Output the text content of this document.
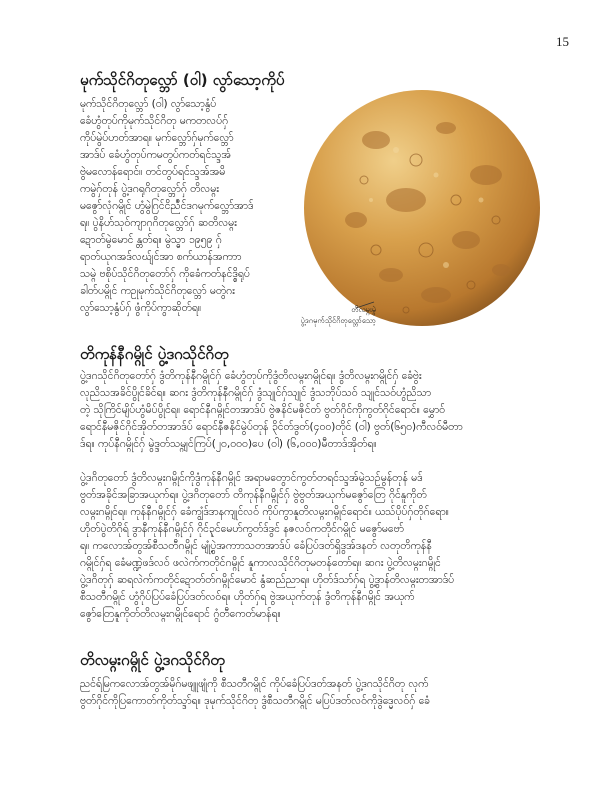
15
မုက်သိုင်ဂိတုလ္ဘော် (ဝါ) လွာ်သော့ကိုပ်
မုက်သိုင်ဂိတုလ္ဘော် (ဝါ) လွာ်သော့နွံပ်
ခေံဟွံတုပ်ကိုမုက်သိုင်ဂိတု မကတလပ်ဂှ်
ကိုပ်မွဲပ်ဟတ်အာရ။ မုက်လ္ဘော်ဂှ်မုက်လ္ဘော်
အာဒ်ပ် ခေံဟွံတုပ်ကမတွပ်ကတ်ရင်သ္ဒအ်
ဗွဲမလောန်ရောင်။ တင်တွပ်ရင်သ္ဒအ်အမိ
ကမွဲဂှ်တုန် ပွဲ့ဒဂရုဂိတုလ္ဘော်ဂှ် တိလမ္ဂး
မဇွော်လုံဂမ္ဂိုင် ဟွံမွဲဂြင်ငိညဳင်ဒဂမုက်လ္ဘော်အာဒ်
ရ။ ပွဲနိဟ်သုဝ်ကျာဂုဂိတုလ္ဘော်ဂှ် ဆတိလမ္ဂး
ဍောတ်မွဲမောင် န္တတ်ရ။ မွဲသ္ဓာ ၁၉၅၉ ဂှ်
ရာတ်ယုဂအဒ်လဃ်ျင်အာ စက်ယာန်အကာာ
သမ္ဂဲ ဗစိုပ်သိုင်ဂိတုတော်ဂှ် ကိုခေံကတ်နင်ဒ္စိရုပ်
ခါတ်ပမ္ဂိုင် ကဥုမုက်သိုင်ဂိတုလ္ဘော် မတွဲဂး
လွာ်သော့နွံပ်ဂှ် ဖွံကိုပ်ကွာဆိုတ်ရ။	တိလမ္ဂးမွဲ
ပွဲ့ဒဂမုက်သိုင်ဂိတုလ္ဘော်သော့
တိကုန်နီဂမ္ဂိုင် ပွဲ့ဒဂသိုင်ဂိတု
ပွဲ့ဒဂသိုင်ဂိတုတော်ဂှ် ဒွံတိကုန်နီဂမ္ဂိုင်ဂှ် ခေံဟွံတုပ်ကိုဒွံတိလမ္ဂးဂမ္ဂိုင်ရ။ ဒွံတိလမ္ဂးဂမ္ဂိုင်ဂှ် ခေံဗွဲး
လုညိသအခိင်ပွိုင်ခိင်ရ။ ဆဂး ဒွံတိကုန်နီဂမ္ဂိုင်ဂှ် ဒွံသျုင်ဂှ်သျုင် ဒွံသဘိုပ်သဝ် သျုင်သဝ်ဟွံညိသာ
တဲ့ သိုကြိင်မျိပ်ဟွံမိပ်ပွိုင်ရ။ ရောင်နီဂမ္ဂိုင်တအာဒ်ပ် ဗွဲဇနိင်မဇိုင်တ် ဗွတ်ဂိုင်ကိုကွတ်ဂိုင်ရောင်။ မွှောဝ်
ရောင်နီမဇိုင်ဂိုင်အိုတ်တအာဒ်ပ် ရောင်နီဇနိင်မွဲပ်တုန် ၃ိင်တ်ဒွတ်(၄၀၀)တိုင် (ဝါ) ဗွတ်(၆၅၀)ကီလဝ်မီတာ
ဒ်ရ။ ကုပ်နီဂမ္ဂိုင်ဂှ် မွဲဒ္ဒတ်သမ္ဂျင်ကြပ်(၂၀,၀၀၀)ပေ (ဝါ) (၆,၀၀၀)မီတာဒ်အိုတ်ရ။
ပွဲ့ဒဂိတုတော် ဒွံတိလမ္ဂးဂမ္ဂိုင်ကိုဒွံကုန်နီဂမ္ဂိုင် အရာမတွောင်ကွတ်တရင်သ္ဒအ်မွဲသဉ်မွန်တုန် မဒ်
ဗွတ်အခိုင်အခြာအယုက်ရ။ ပွဲ့ဒဂိတုတော် တိကုန်နီဂမ္ဂိုင်ဂှ် ဗွဲဗွတ်အယုက်မဇွော်တြေ ဂိုင်နူကိုတ်
လမ္ဂးဂမ္ဂိုင်ရ။ ကုန်နီဂမ္ဂိုင်ဂှ် ခေံကျွံဒ်ဒာနကျုင်လဝ် ကိုပ်ကွာနူတိလမ္ဂးဂမ္ဂိုင်ရောင်။ ယသ်ပိုပ်ဂှ်တိုဂ်ရော။
ဟိုတ်ပွဲတိဂိုရ် ဒွာနီကုန်နီဂမ္ဂိုင်ဂှ် ဂိုင်၃ုင်မေဟ်ကွတ်ဒ်ဒွင် နဇလဝ်ကတိုင်ဂမ္ဂိုင် မဇွော်မဗော်
ရ။ ကလောအ်တွအ်စီသတီဂမ္ဂိုင် မျုံ့ပွဲအကာာသတအာဒ်ပ် ခေံပြပ်ဒတ်ရှိဒွအ်ဒနတ် လတုတိကုန်နီ
ဂမ္ဂိုင်ဂှ်ရ ခေံမဏ္ဍဲဖဒ်လဝ် ဖလဲက်ကတိုင်ဂမ္ဂိုင် နူကာလသိုင်ဂိတုမတန်တော်ရ။ ဆဂး ပွဲ့တိလမ္ဂးဂမ္ဂိုင်
ပွဲ့ဒဂိတုဂှ် ဆရလဲက်ကတိုင်ဍောတ်တ်ဂမ္ဂိုင်မောင် နွံဆည်ညာရ။ ဟိုတ်ဒ်သာ်ဂှ်ရ ပွဲ့ဒွာန်တိလမ္ဂးတအာဒ်ပ်
စီသတီဂမ္ဂိုင် ဟွံဂိုပ်ပြပ်ခေံပြပ်ဒတ်လဝ်ရ။ ဟိုတ်ဂှ်ရ ဗွဲအယုက်တုန် ဒွံတိကုန်နီဂမ္ဂိုင် အယုက်
ဇွော်တြေနူကိုတ်တိလမ္ဂးဂမ္ဂိုင်ရောင် ဂွံတီကေတ်မာန်ရ။
တိလမ္ဂးဂမ္ဂိုင် ပွဲ့ဒဂသိုင်ဂိတု
ညင်ရ်မြကလောအ်တွအ်မိုဂ်မဖျူဖျုံကို စီသတီဂမ္ဂိုင် ကိုပ်ခေံပြပ်ဒတ်အနတ် ပွဲ့ဒဂသိုင်ဂိတု လုက်
ဗွတ်ဂိုင်ကိုပြကောတ်ကိုတ်သ္ဒာ်ရ။ ဒုမုက်သိုင်ဂိတု ဒွံစီသတီဂမ္ဂိုင် မပြပ်ဒတ်လဝ်ကိုဒွဲဒ္မေလဝ်ဂှ် ခေံ
